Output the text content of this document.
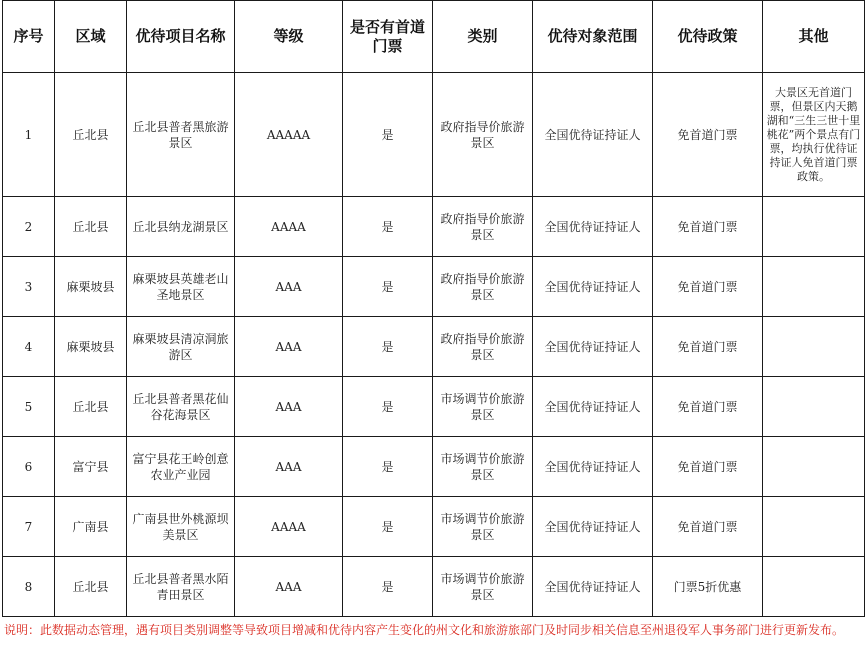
序号	区域	优待项目名称	等级	是否有首道门票	类别	优待对象范围	优待政策	其他
1	丘北县	丘北县普者黑旅游景区	AAAAA	是	政府指导价旅游景区	全国优待证持证人	免首道门票	大景区无首道门票，但景区内天鹅湖和“三生三世十里桃花”两个景点有门票，均执行优待证持证人免首道门票政策。
2	丘北县	丘北县纳龙湖景区	AAAA	是	政府指导价旅游景区	全国优待证持证人	免首道门票	
3	麻栗坡县	麻栗坡县英雄老山圣地景区	AAA	是	政府指导价旅游景区	全国优待证持证人	免首道门票	
4	麻栗坡县	麻栗坡县清凉洞旅游区	AAA	是	政府指导价旅游景区	全国优待证持证人	免首道门票	
5	丘北县	丘北县普者黑花仙谷花海景区	AAA	是	市场调节价旅游景区	全国优待证持证人	免首道门票	
6	富宁县	富宁县花王岭创意农业产业园	AAA	是	市场调节价旅游景区	全国优待证持证人	免首道门票	
7	广南县	广南县世外桃源坝美景区	AAAA	是	市场调节价旅游景区	全国优待证持证人	免首道门票	
8	丘北县	丘北县普者黑水陌青田景区	AAA	是	市场调节价旅游景区	全国优待证持证人	门票5折优惠	
说明：此数据动态管理，遇有项目类别调整等导致项目增减和优待内容产生变化的州文化和旅游旅部门及时同步相关信息至州退役军人事务部门进行更新发布。
